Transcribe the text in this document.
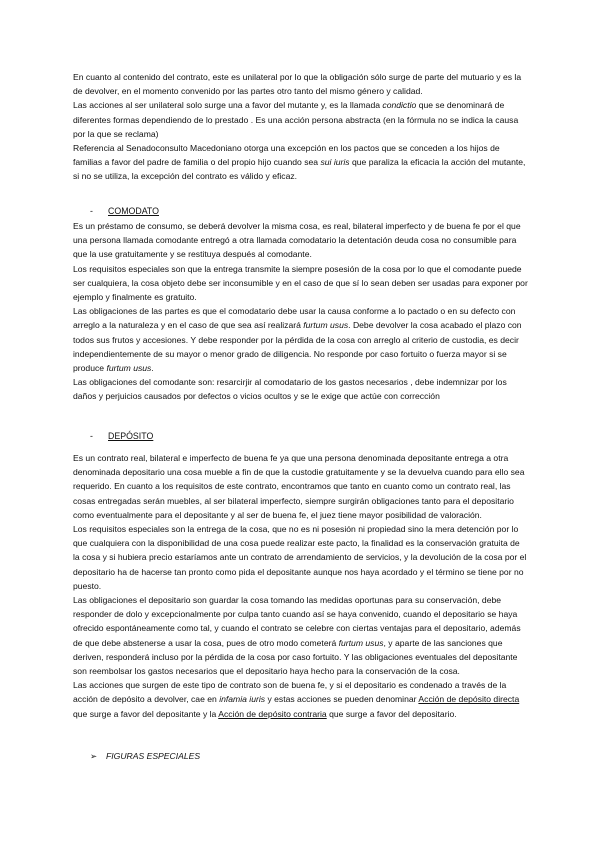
En cuanto al contenido del contrato, este es unilateral por lo que la obligación sólo surge de parte del mutuario y es la de devolver, en el momento convenido por las partes otro tanto del mismo género y calidad.

Las acciones al ser unilateral solo surge una a favor del mutante y, es la llamada condictio que se denominará de diferentes formas dependiendo de lo prestado . Es una acción persona abstracta (en la fórmula no se indica la causa por la que se reclama)

Referencia al Senadoconsulto Macedoniano otorga una excepción en los pactos que se conceden a los hijos de familias a favor del padre de familia o del propio hijo cuando sea sui iuris que paraliza la eficacia la acción del mutante, si no se utiliza, la excepción del contrato es válido y eficaz.

- COMODATO

Es un préstamo de consumo, se deberá devolver la misma cosa, es real, bilateral imperfecto y de buena fe por el que una persona llamada comodante entregó a otra llamada comodatario la detentación deuda cosa no consumible para que la use gratuitamente y se restituya después al comodante.

Los requisitos especiales son que la entrega transmite la siempre posesión de la cosa por lo que el comodante puede ser cualquiera, la cosa objeto debe ser inconsumible y en el caso de que sí lo sean deben ser usadas para exponer por ejemplo y finalmente es gratuito.

Las obligaciones de las partes es que el comodatario debe usar la causa conforme a lo pactado o en su defecto con arreglo a la naturaleza y en el caso de que sea así realizará furtum usus. Debe devolver la cosa acabado el plazo con todos sus frutos y accesiones. Y debe responder por la pérdida de la cosa con arreglo al criterio de custodia, es decir independientemente de su mayor o menor grado de diligencia. No responde por caso fortuito o fuerza mayor si se produce furtum usus.

Las obligaciones del comodante son: resarcirjir al comodatario de los gastos necesarios , debe indemnizar por los daños y perjuicios causados por defectos o vicios ocultos y se le exige que actúe con corrección

- DEPÓSITO

Es un contrato real, bilateral e imperfecto de buena fe ya que una persona denominada depositante entrega a otra denominada depositario una cosa mueble a fin de que la custodie gratuitamente y se la devuelva cuando para ello sea requerido. En cuanto a los requisitos de este contrato, encontramos que tanto en cuanto como un contrato real, las cosas entregadas serán muebles, al ser bilateral imperfecto, siempre surgirán obligaciones tanto para el depositario como eventualmente para el depositante y al ser de buena fe, el juez tiene mayor posibilidad de valoración.

Los requisitos especiales son la entrega de la cosa, que no es ni posesión ni propiedad sino la mera detención por lo que cualquiera con la disponibilidad de una cosa puede realizar este pacto, la finalidad es la conservación gratuita de la cosa y si hubiera precio estaríamos ante un contrato de arrendamiento de servicios, y la devolución de la cosa por el depositario ha de hacerse tan pronto como pida el depositante aunque nos haya acordado y el término se tiene por no puesto.

Las obligaciones el depositario son guardar la cosa tomando las medidas oportunas para su conservación, debe responder de dolo y excepcionalmente por culpa tanto cuando así se haya convenido, cuando el depositario se haya ofrecido espontáneamente como tal, y cuando el contrato se celebre con ciertas ventajas para el depositario, además de que debe abstenerse a usar la cosa, pues de otro modo cometerá furtum usus, y aparte de las sanciones que deriven, responderá incluso por la pérdida de la cosa por caso fortuito. Y las obligaciones eventuales del depositante son reembolsar los gastos necesarios que el depositario haya hecho para la conservación de la cosa.

Las acciones que surgen de este tipo de contrato son de buena fe, y si el depositario es condenado a través de la acción de depósito a devolver, cae en infamia iuris y estas acciones se pueden denominar Acción de depósito directa que surge a favor del depositante y la Acción de depósito contraria que surge a favor del depositario.

➢ FIGURAS ESPECIALES
